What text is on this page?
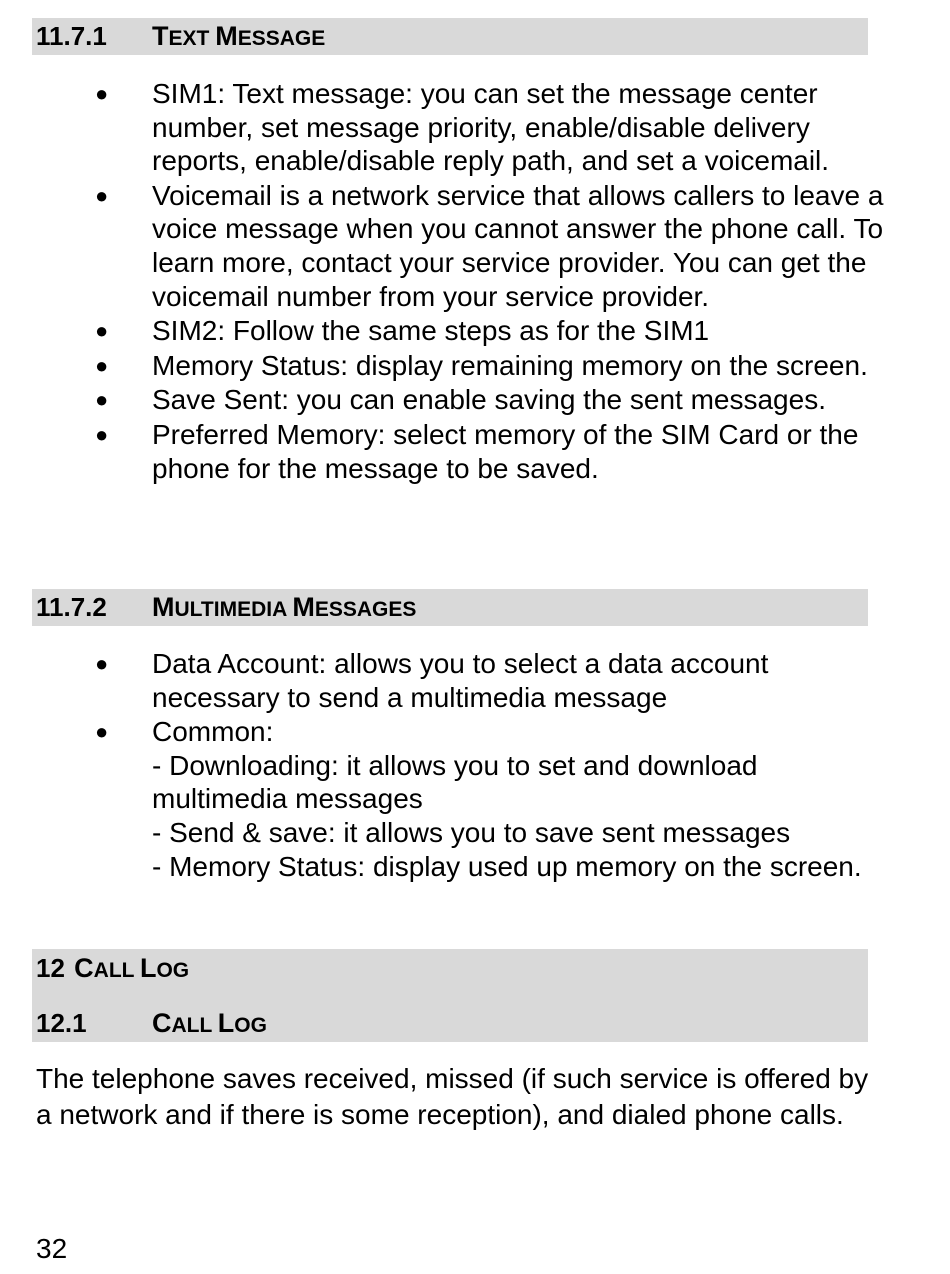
11.7.1 TEXT MESSAGE
● SIM1: Text message: you can set the message center number, set message priority, enable/disable delivery reports, enable/disable reply path, and set a voicemail.
● Voicemail is a network service that allows callers to leave a voice message when you cannot answer the phone call. To learn more, contact your service provider. You can get the voicemail number from your service provider.
● SIM2: Follow the same steps as for the SIM1
● Memory Status: display remaining memory on the screen.
● Save Sent: you can enable saving the sent messages.
● Preferred Memory: select memory of the SIM Card or the phone for the message to be saved.
11.7.2 MULTIMEDIA MESSAGES
● Data Account: allows you to select a data account necessary to send a multimedia message
● Common:
- Downloading: it allows you to set and download multimedia messages
- Send & save: it allows you to save sent messages
- Memory Status: display used up memory on the screen.
12 CALL LOG
12.1 CALL LOG

The telephone saves received, missed (if such service is offered by a network and if there is some reception), and dialed phone calls.

32
